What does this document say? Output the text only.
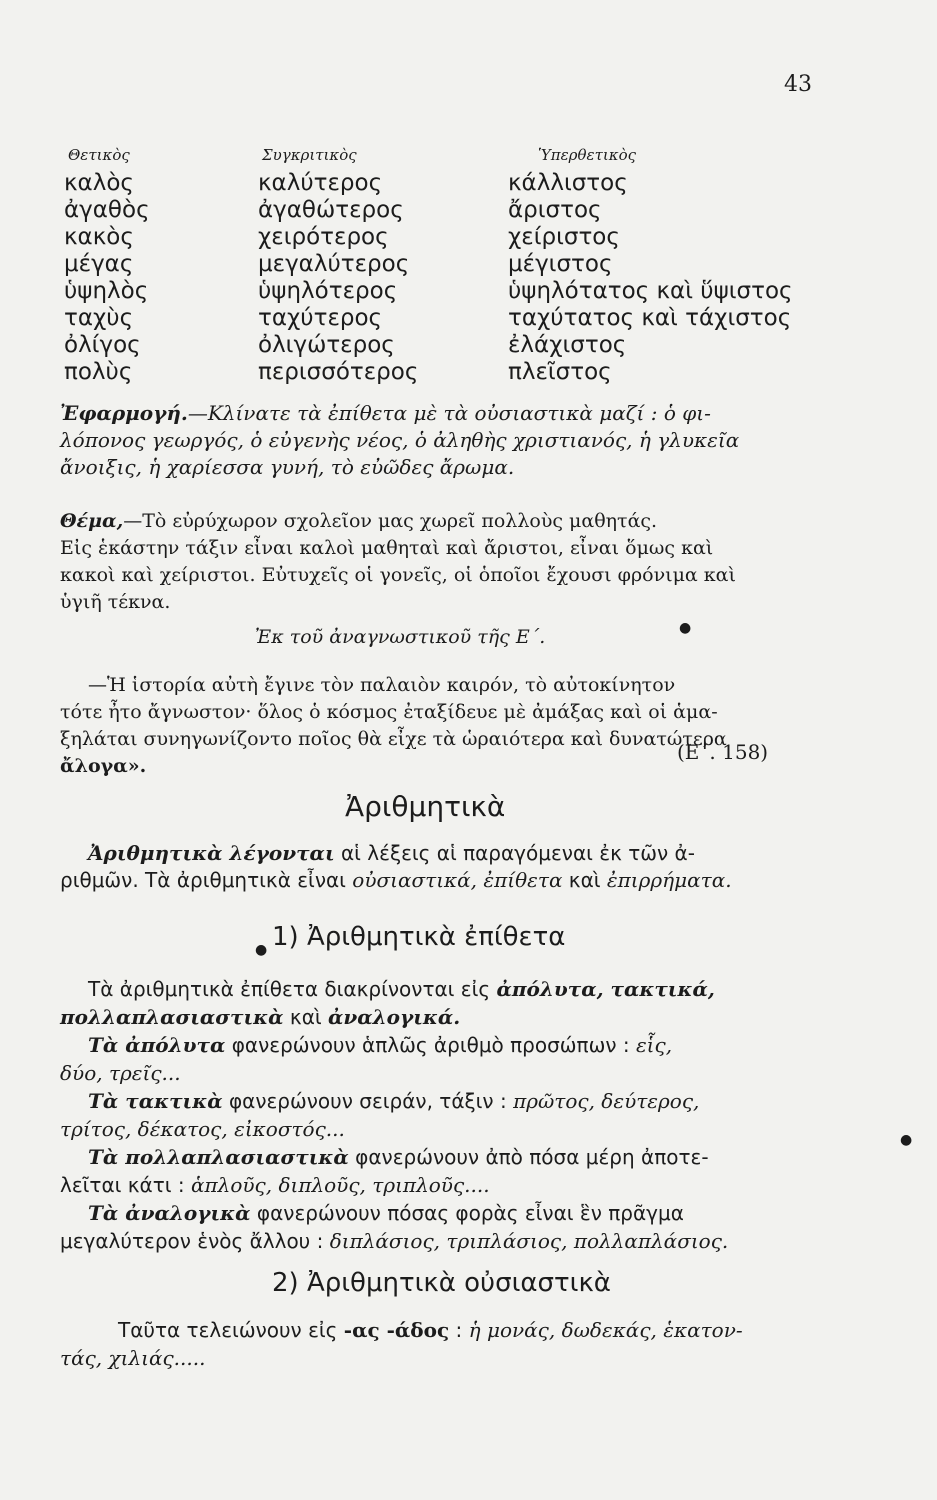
43
Θετικὸς	Συγκριτικὸς	Ὑπερθετικὸς
καλὸς
ἀγαθὸς
κακὸς
μέγας
ὑψηλὸς
ταχὺς
ὀλίγος
πολὺς
καλύτερος
ἀγαθώτερος
χειρότερος
μεγαλύτερος
ὑψηλότερος
ταχύτερος
ὀλιγώτερος
περισσότερος
κάλλιστος
ἄριστος
χείριστος
μέγιστος
ὑψηλότατος καὶ ὕψιστος
ταχύτατος καὶ τάχιστος
ἐλάχιστος
πλεῖστος

Ἐφαρμογή.—Κλίνατε τὰ ἐπίθετα μὲ τὰ οὐσιαστικὰ μαζί : ὁ φι-

λόπονος γεωργός, ὁ εὐγενὴς νέος, ὁ ἀληθὴς χριστιανός, ἡ γλυκεῖα

ἄνοιξις, ἡ χαρίεσσα γυνή, τὸ εὐῶδες ἄρωμα.

Θέμα,—Τὸ εὐρύχωρον σχολεῖον μας χωρεῖ πολλοὺς μαθητάς.

Εἰς ἑκάστην τάξιν εἶναι καλοὶ μαθηταὶ καὶ ἄριστοι, εἶναι ὅμως καὶ

κακοὶ καὶ χείριστοι. Εὐτυχεῖς οἱ γονεῖς, οἱ ὁποῖοι ἔχουσι φρόνιμα καὶ

ὑγιῆ τέκνα.

●
Ἐκ τοῦ ἀναγνωστικοῦ τῆς Ε΄.

—Ἡ ἱστορία αὐτὴ ἔγινε τὸν παλαιὸν καιρόν, τὸ αὐτοκίνητον

τότε ἦτο ἄγνωστον· ὅλος ὁ κόσμος ἐταξίδευε μὲ ἀμάξας καὶ οἱ ἁμα-

ξηλάται συνηγωνίζοντο ποῖος θὰ εἶχε τὰ ὡραιότερα καὶ δυνατώτερα

ἄλογα».

(Ε΄. 158)
Ἀριθμητικὰ

Ἀριθμητικὰ λέγονται αἱ λέξεις αἱ παραγόμεναι ἐκ τῶν ἀ-

ριθμῶν. Τὰ ἀριθμητικὰ εἶναι οὐσιαστικά, ἐπίθετα καὶ ἐπιρρήματα.

● 1) Ἀριθμητικὰ ἐπίθετα

Τὰ ἀριθμητικὰ ἐπίθετα διακρίνονται εἰς ἀπόλυτα, τακτικά,

πολλαπλασιαστικὰ καὶ ἀναλογικά.

Τὰ ἀπόλυτα φανερώνουν ἁπλῶς ἀριθμὸ προσώπων : εἷς,

δύο, τρεῖς...

Τὰ τακτικὰ φανερώνουν σειράν, τάξιν : πρῶτος, δεύτερος,

τρίτος, δέκατος, εἰκοστός...

Τὰ πολλαπλασιαστικὰ φανερώνουν ἀπὸ πόσα μέρη ἀποτε-

λεῖται κάτι : ἁπλοῦς, διπλοῦς, τριπλοῦς....

Τὰ ἀναλογικὰ φανερώνουν πόσας φορὰς εἶναι ἓν πρᾶγμα

μεγαλύτερον ἑνὸς ἄλλου : διπλάσιος, τριπλάσιος, πολλαπλάσιος.

●
2) Ἀριθμητικὰ οὐσιαστικὰ

Ταῦτα τελειώνουν εἰς -ας -άδος : ἡ μονάς, δωδεκάς, ἑκατον-

τάς, χιλιάς.....
